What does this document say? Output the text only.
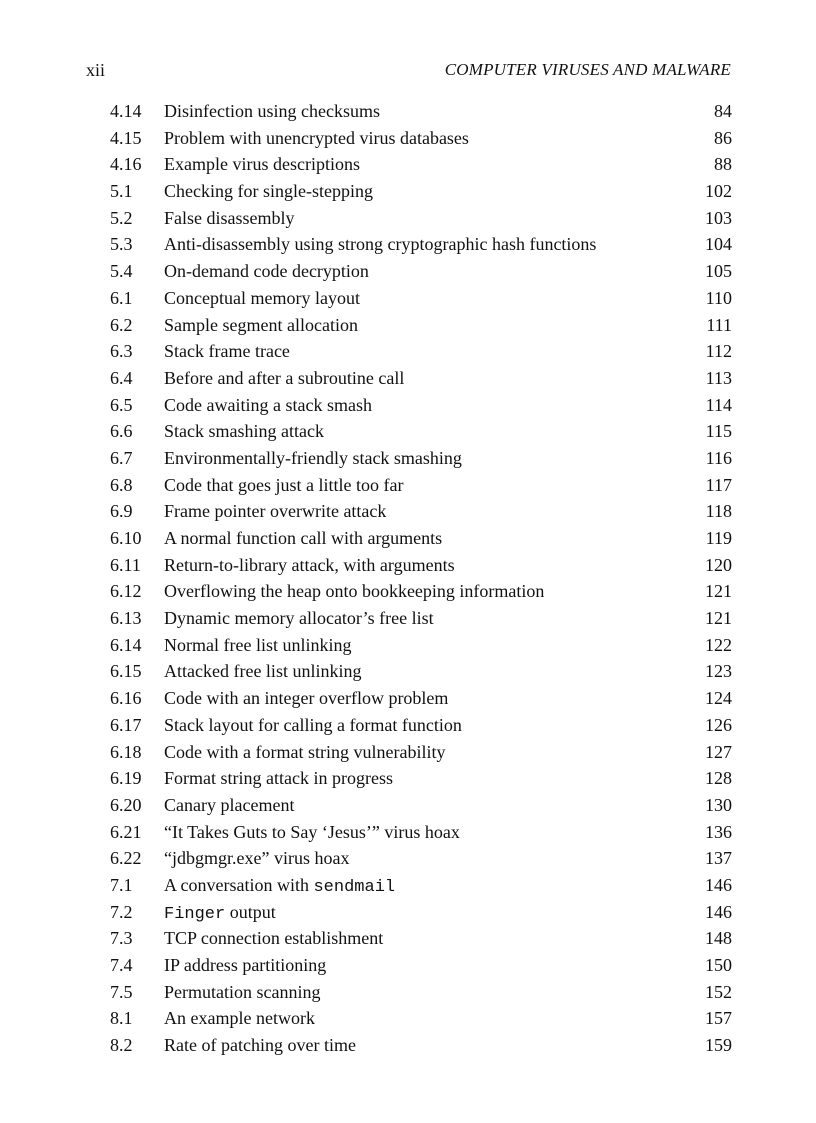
xii	COMPUTER VIRUSES AND MALWARE
4.14 Disinfection using checksums	84
4.15 Problem with unencrypted virus databases	86
4.16 Example virus descriptions	88
5.1 Checking for single-stepping	102
5.2 False disassembly	103
5.3 Anti-disassembly using strong cryptographic hash functions	104
5.4 On-demand code decryption	105
6.1 Conceptual memory layout	110
6.2 Sample segment allocation	111
6.3 Stack frame trace	112
6.4 Before and after a subroutine call	113
6.5 Code awaiting a stack smash	114
6.6 Stack smashing attack	115
6.7 Environmentally-friendly stack smashing	116
6.8 Code that goes just a little too far	117
6.9 Frame pointer overwrite attack	118
6.10 A normal function call with arguments	119
6.11 Return-to-library attack, with arguments	120
6.12 Overflowing the heap onto bookkeeping information	121
6.13 Dynamic memory allocator’s free list	121
6.14 Normal free list unlinking	122
6.15 Attacked free list unlinking	123
6.16 Code with an integer overflow problem	124
6.17 Stack layout for calling a format function	126
6.18 Code with a format string vulnerability	127
6.19 Format string attack in progress	128
6.20 Canary placement	130
6.21 “It Takes Guts to Say ‘Jesus’” virus hoax	136
6.22 “jdbgmgr.exe” virus hoax	137
7.1 A conversation with sendmail	146
7.2 Finger output	146
7.3 TCP connection establishment	148
7.4 IP address partitioning	150
7.5 Permutation scanning	152
8.1 An example network	157
8.2 Rate of patching over time	159
